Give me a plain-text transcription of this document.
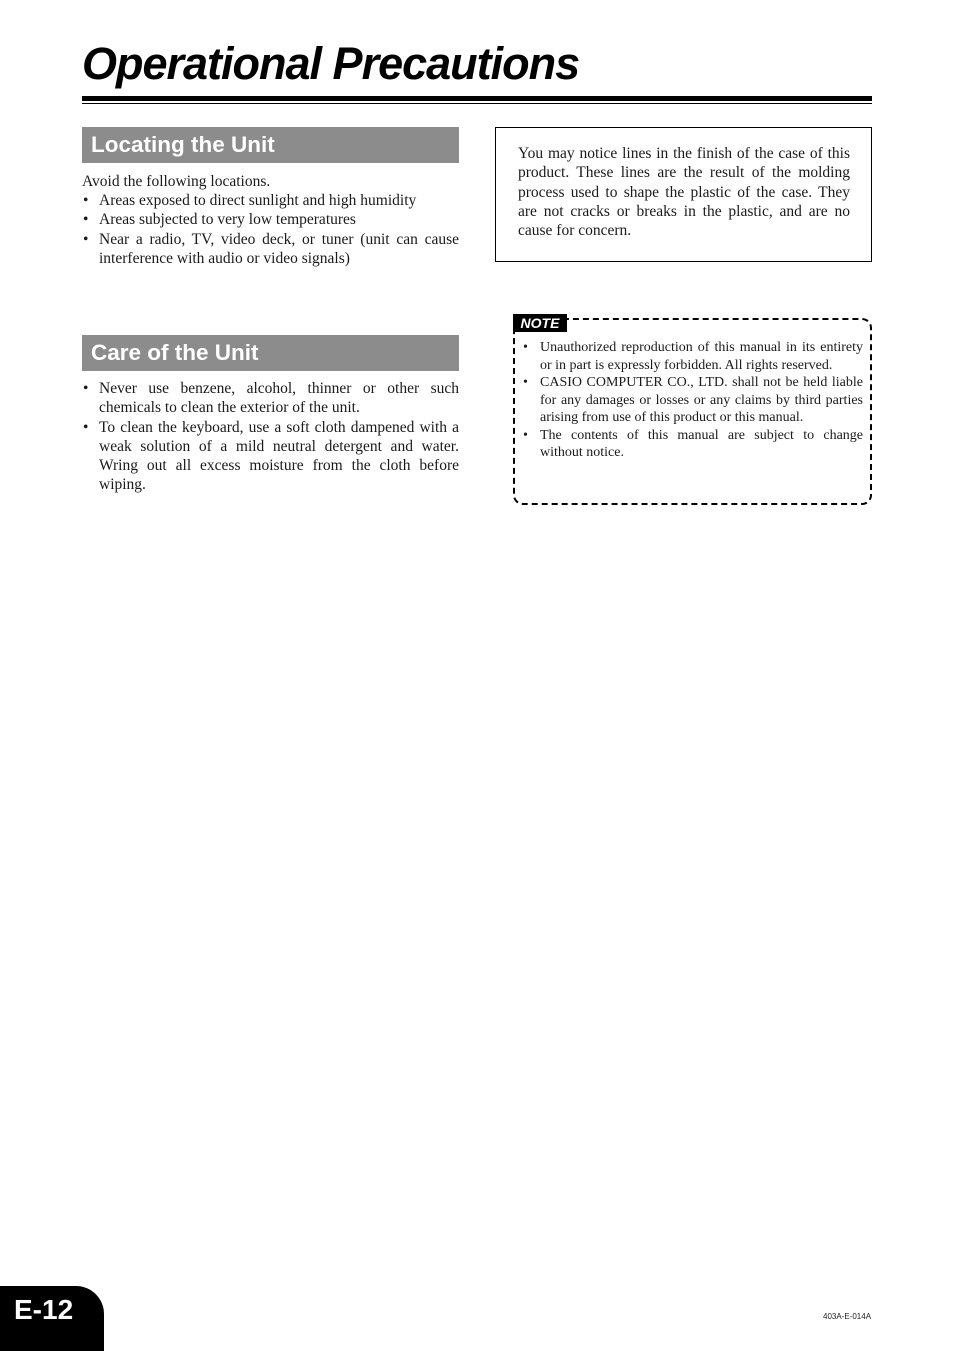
Operational Precautions
Locating the Unit
Avoid the following locations.
• Areas exposed to direct sunlight and high humidity
• Areas subjected to very low temperatures
• Near a radio, TV, video deck, or tuner (unit can cause interference with audio or video signals)
Care of the Unit
• Never use benzene, alcohol, thinner or other such chemicals to clean the exterior of the unit.
• To clean the keyboard, use a soft cloth dampened with a weak solution of a mild neutral detergent and water. Wring out all excess moisture from the cloth before wiping.
You may notice lines in the finish of the case of this product. These lines are the result of the molding process used to shape the plastic of the case. They are not cracks or breaks in the plastic, and are no cause for concern.
NOTE
• Unauthorized reproduction of this manual in its entirety or in part is expressly forbidden. All rights reserved.
• CASIO COMPUTER CO., LTD. shall not be held liable for any damages or losses or any claims by third parties arising from use of this product or this manual.
• The contents of this manual are subject to change without notice.
E-12	403A-E-014A
